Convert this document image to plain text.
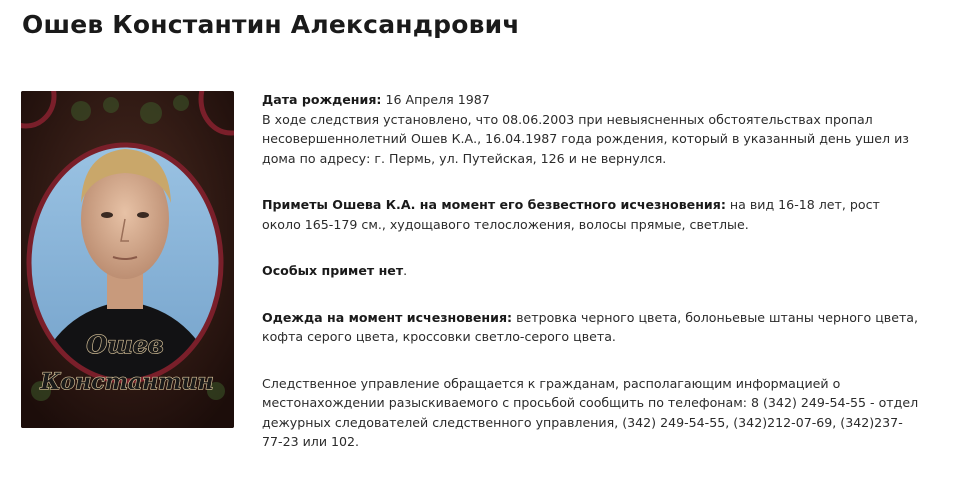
Ошев Константин Александрович
Ошев
Константин

Дата рождения: 16 Апреля 1987

В ходе следствия установлено, что 08.06.2003 при невыясненных обстоятельствах пропал несовершеннолетний Ошев К.А., 16.04.1987 года рождения, который в указанный день ушел из дома по адресу: г. Пермь, ул. Путейская, 126 и не вернулся.

Приметы Ошева К.А. на момент его безвестного исчезновения: на вид 16-18 лет, рост около 165-179 см., худощавого телосложения, волосы прямые, светлые.

Особых примет нет.

Одежда на момент исчезновения: ветровка черного цвета, болоньевые штаны черного цвета, кофта серого цвета, кроссовки светло-серого цвета.

Следственное управление обращается к гражданам, располагающим информацией о местонахождении разыскиваемого с просьбой сообщить по телефонам: 8 (342) 249-54-55 - отдел дежурных следователей следственного управления, (342) 249-54-55, (342)212-07-69, (342)237-77-23 или 102.
